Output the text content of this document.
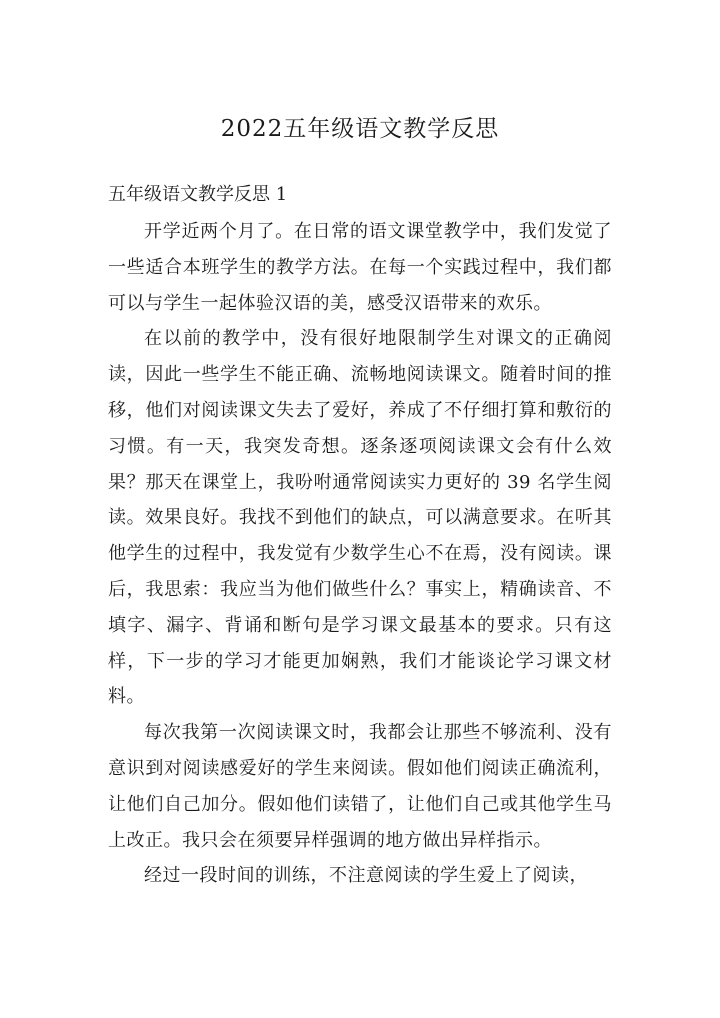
2022五年级语文教学反思
五年级语文教学反思 1

开学近两个月了。在日常的语文课堂教学中，我们发觉了一些适合本班学生的教学方法。在每一个实践过程中，我们都可以与学生一起体验汉语的美，感受汉语带来的欢乐。

在以前的教学中，没有很好地限制学生对课文的正确阅读，因此一些学生不能正确、流畅地阅读课文。随着时间的推移，他们对阅读课文失去了爱好，养成了不仔细打算和敷衍的习惯。有一天，我突发奇想。逐条逐项阅读课文会有什么效果？那天在课堂上，我吩咐通常阅读实力更好的 39 名学生阅读。效果良好。我找不到他们的缺点，可以满意要求。在听其他学生的过程中，我发觉有少数学生心不在焉，没有阅读。课后，我思索：我应当为他们做些什么？事实上，精确读音、不填字、漏字、背诵和断句是学习课文最基本的要求。只有这样，下一步的学习才能更加娴熟，我们才能谈论学习课文材料。

每次我第一次阅读课文时，我都会让那些不够流利、没有意识到对阅读感爱好的学生来阅读。假如他们阅读正确流利，让他们自己加分。假如他们读错了，让他们自己或其他学生马上改正。我只会在须要异样强调的地方做出异样指示。

经过一段时间的训练，不注意阅读的学生爱上了阅读，
